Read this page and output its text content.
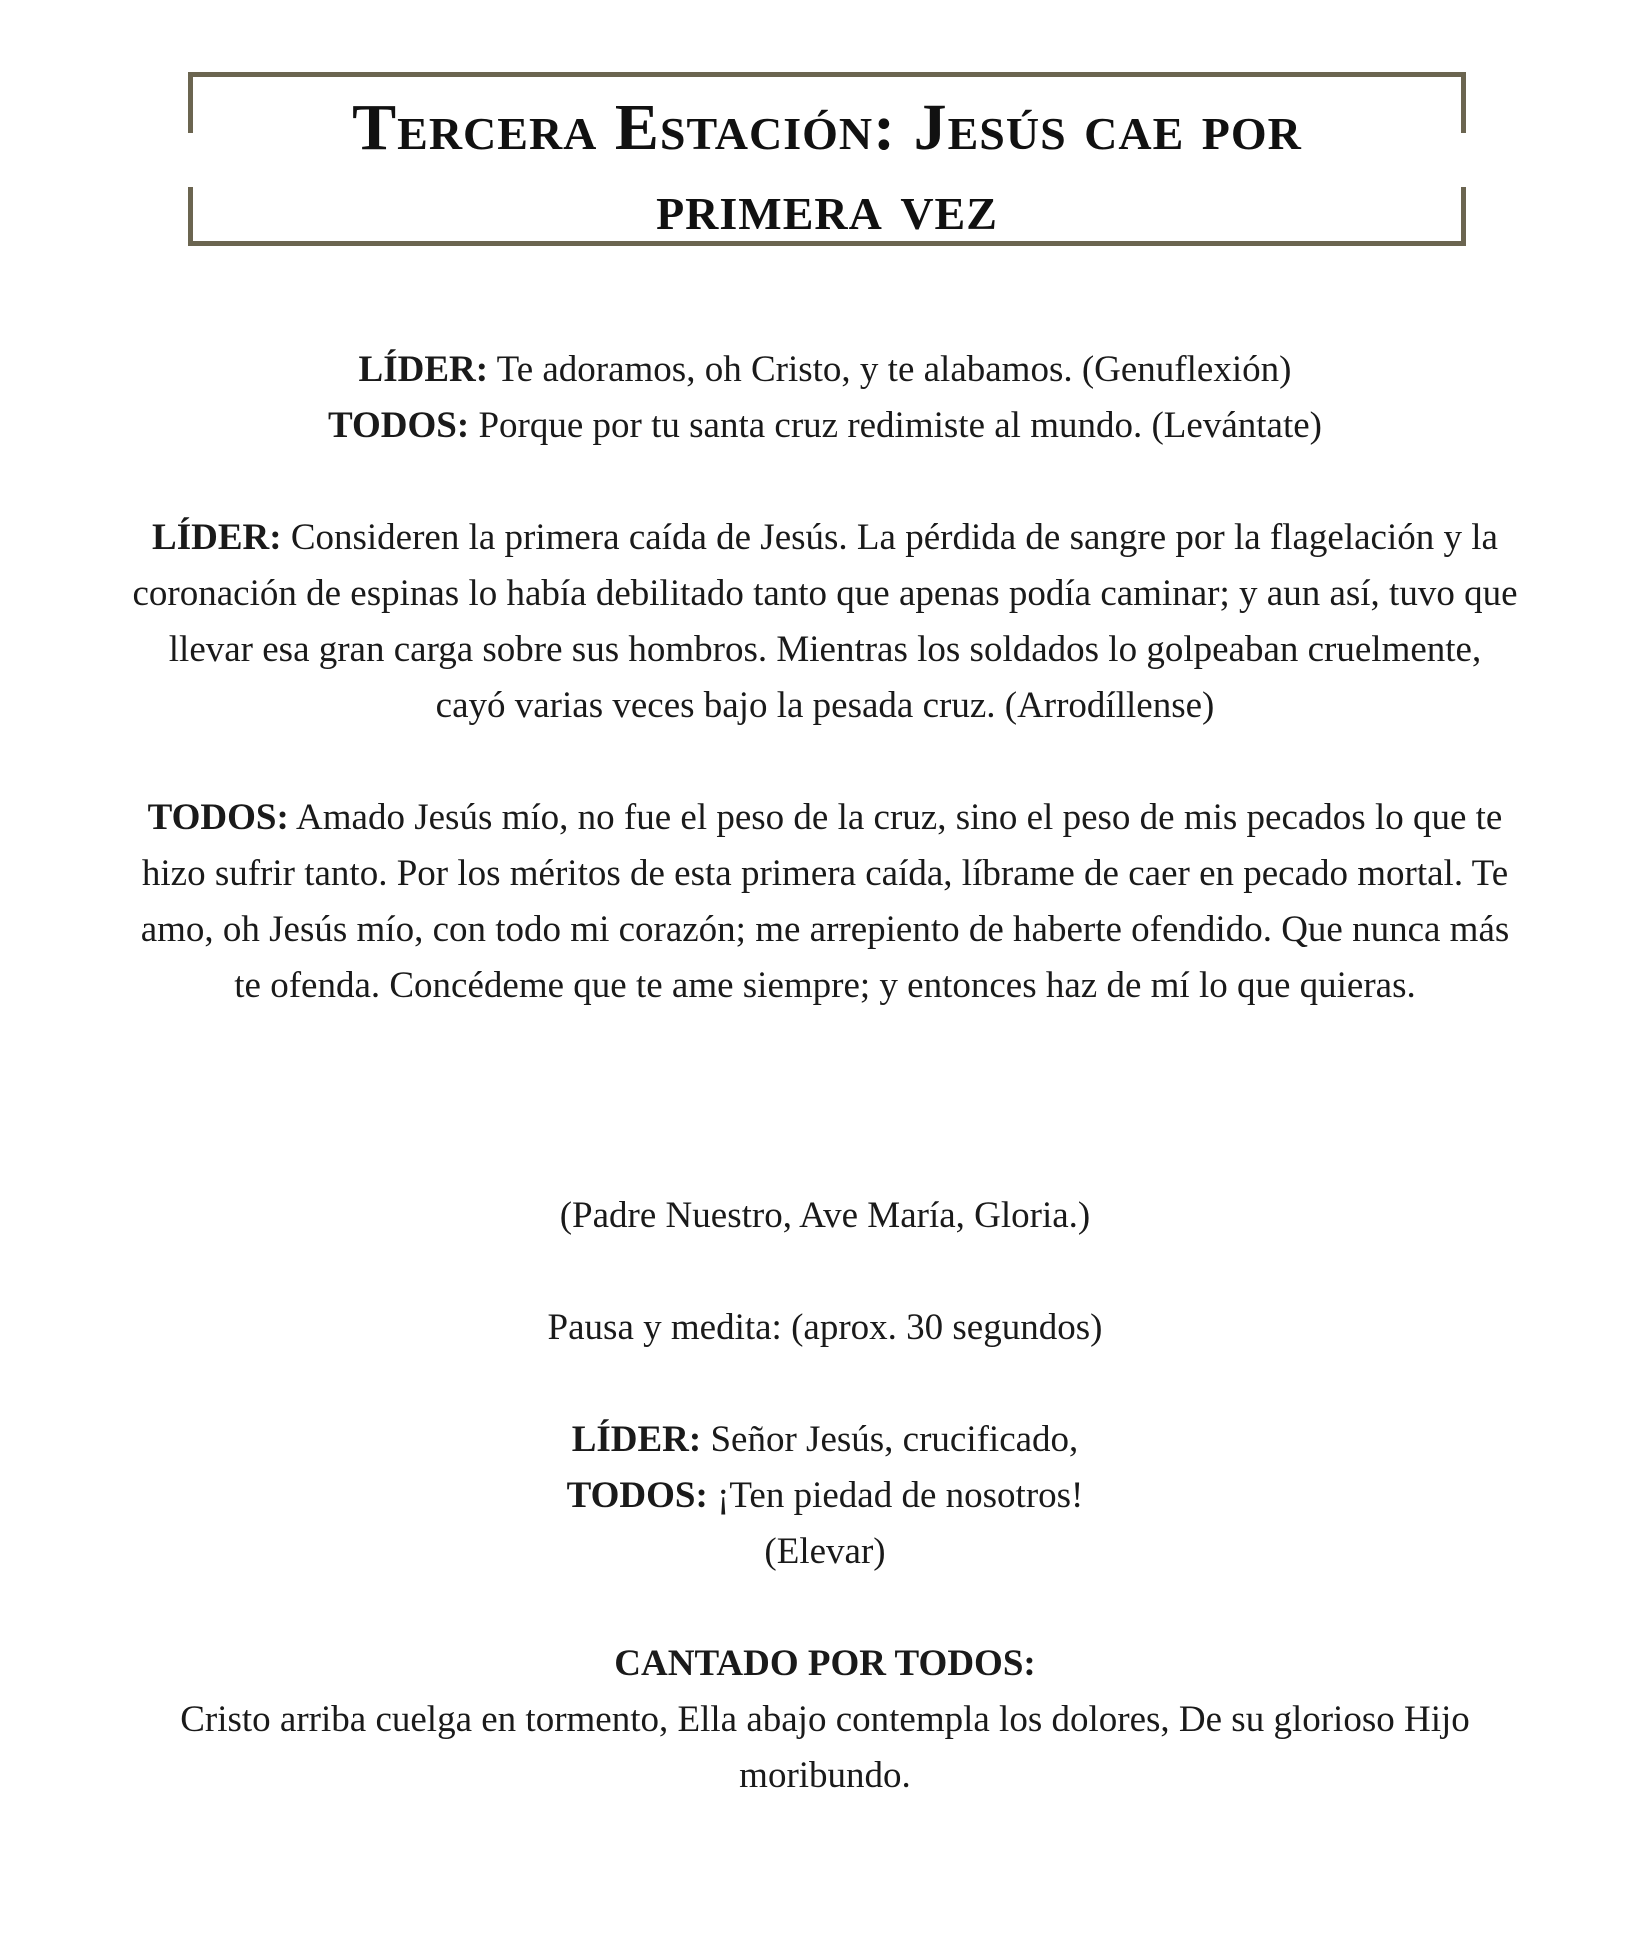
Tercera Estación: Jesús cae por
primera vez

LÍDER: Te adoramos, oh Cristo, y te alabamos. (Genuflexión)
TODOS: Porque por tu santa cruz redimiste al mundo. (Levántate)

LÍDER: Consideren la primera caída de Jesús. La pérdida de sangre por la flagelación y la coronación de espinas lo había debilitado tanto que apenas podía caminar; y aun así, tuvo que llevar esa gran carga sobre sus hombros. Mientras los soldados lo golpeaban cruelmente, cayó varias veces bajo la pesada cruz. (Arrodíllense)

TODOS: Amado Jesús mío, no fue el peso de la cruz, sino el peso de mis pecados lo que te hizo sufrir tanto. Por los méritos de esta primera caída, líbrame de caer en pecado mortal. Te amo, oh Jesús mío, con todo mi corazón; me arrepiento de haberte ofendido. Que nunca más te ofenda. Concédeme que te ame siempre; y entonces haz de mí lo que quieras.

(Padre Nuestro, Ave María, Gloria.)

Pausa y medita: (aprox. 30 segundos)

LÍDER: Señor Jesús, crucificado,
TODOS: ¡Ten piedad de nosotros!
(Elevar)

CANTADO POR TODOS:
Cristo arriba cuelga en tormento, Ella abajo contempla los dolores, De su glorioso Hijo moribundo.
